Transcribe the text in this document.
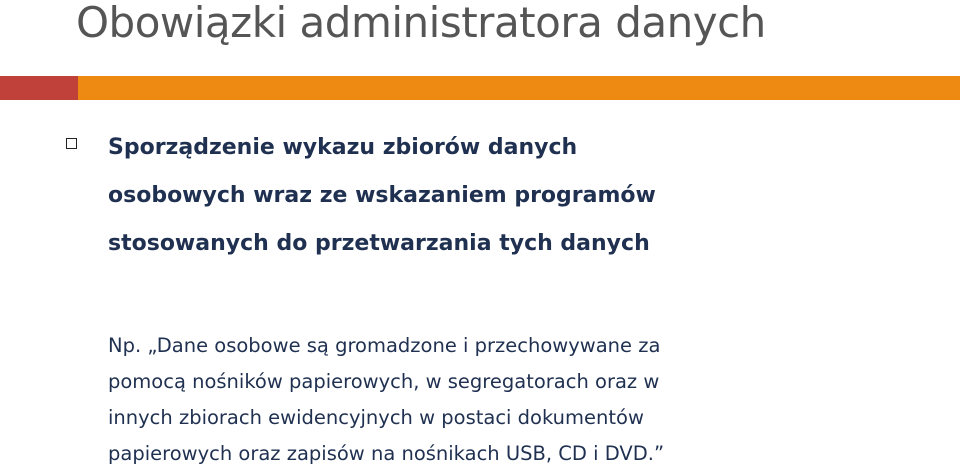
Obowiązki administratora danych

Sporządzenie wykazu zbiorów danych
osobowych wraz ze wskazaniem programów
stosowanych do przetwarzania tych danych

Np. „Dane osobowe są gromadzone i przechowywane za
pomocą nośników papierowych, w segregatorach oraz w
innych zbiorach ewidencyjnych w postaci dokumentów
papierowych oraz zapisów na nośnikach USB, CD i DVD.”
